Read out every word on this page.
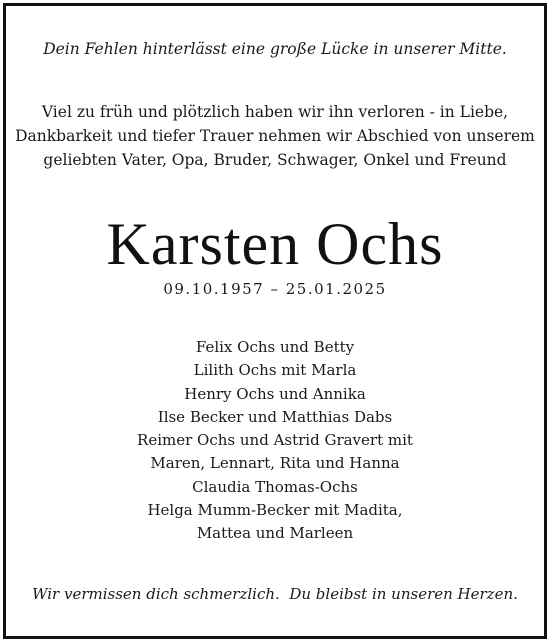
Dein Fehlen hinterlässt eine große Lücke in unserer Mitte.
Viel zu früh und plötzlich haben wir ihn verloren - in Liebe,
Dankbarkeit und tiefer Trauer nehmen wir Abschied von unserem
geliebten Vater, Opa, Bruder, Schwager, Onkel und Freund
Karsten Ochs
09.10.1957 – 25.01.2025
Felix Ochs und Betty
Lilith Ochs mit Marla
Henry Ochs und Annika
Ilse Becker und Matthias Dabs
Reimer Ochs und Astrid Gravert mit
Maren, Lennart, Rita und Hanna
Claudia Thomas-Ochs
Helga Mumm-Becker mit Madita,
Mattea und Marleen
Wir vermissen dich schmerzlich.  Du bleibst in unseren Herzen.
